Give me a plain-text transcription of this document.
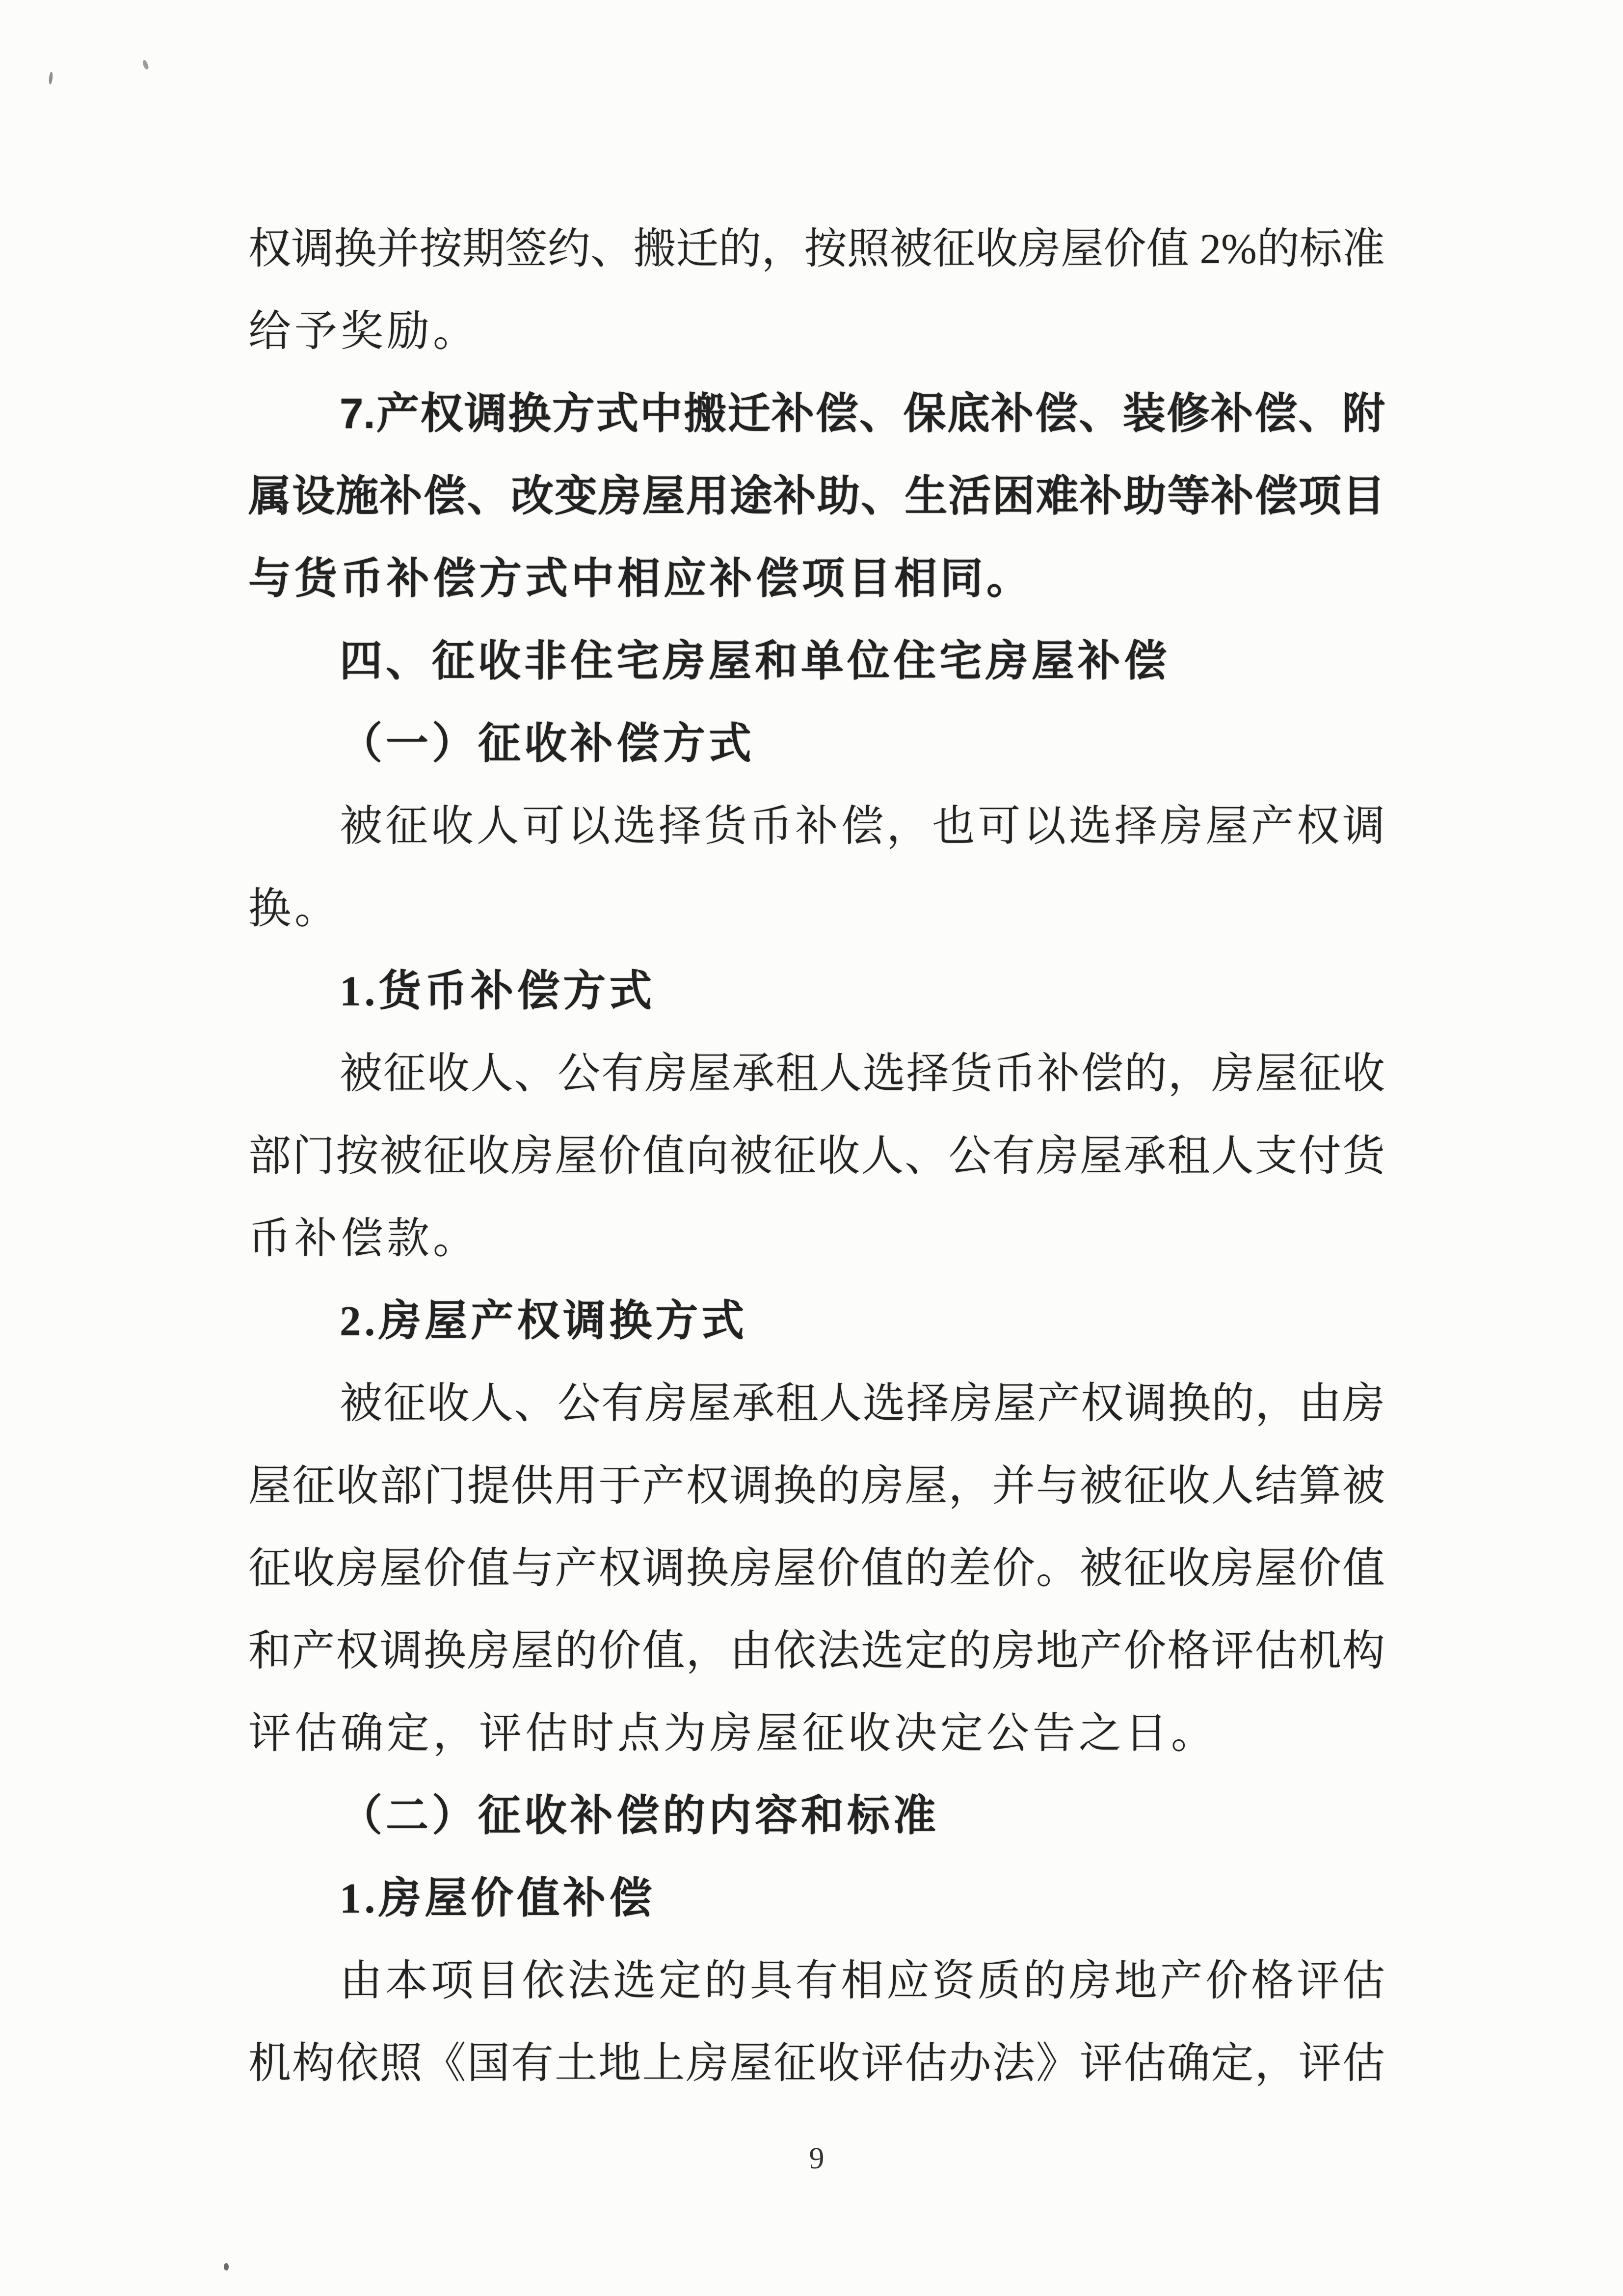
权调换并按期签约、搬迁的，按照被征收房屋价值 2%的标准
给予奖励。
7.产权调换方式中搬迁补偿、保底补偿、装修补偿、附
属设施补偿、改变房屋用途补助、生活困难补助等补偿项目
与货币补偿方式中相应补偿项目相同。
四、征收非住宅房屋和单位住宅房屋补偿
（一）征收补偿方式
被征收人可以选择货币补偿，也可以选择房屋产权调
换。
1.货币补偿方式
被征收人、公有房屋承租人选择货币补偿的，房屋征收
部门按被征收房屋价值向被征收人、公有房屋承租人支付货
币补偿款。
2.房屋产权调换方式
被征收人、公有房屋承租人选择房屋产权调换的，由房
屋征收部门提供用于产权调换的房屋，并与被征收人结算被
征收房屋价值与产权调换房屋价值的差价。被征收房屋价值
和产权调换房屋的价值，由依法选定的房地产价格评估机构
评估确定，评估时点为房屋征收决定公告之日。
（二）征收补偿的内容和标准
1.房屋价值补偿
由本项目依法选定的具有相应资质的房地产价格评估
机构依照《国有土地上房屋征收评估办法》评估确定，评估
9
